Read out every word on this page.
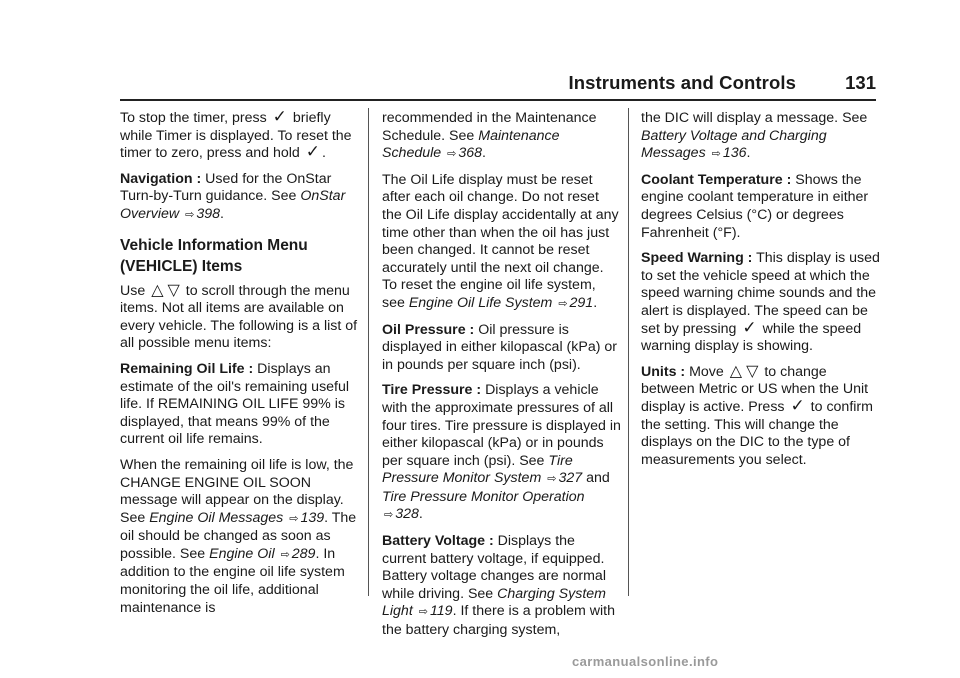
Instruments and Controls	131

To stop the timer, press ✓ briefly while Timer is displayed. To reset the timer to zero, press and hold ✓ .

Navigation : Used for the OnStar Turn-by-Turn guidance. See OnStar Overview ⇨ 398.

Vehicle Information Menu (VEHICLE) Items

Use △ ▽ to scroll through the menu items. Not all items are available on every vehicle. The following is a list of all possible menu items:

Remaining Oil Life : Displays an estimate of the oil's remaining useful life. If REMAINING OIL LIFE 99% is displayed, that means 99% of the current oil life remains.

When the remaining oil life is low, the CHANGE ENGINE OIL SOON message will appear on the display. See Engine Oil Messages ⇨ 139. The oil should be changed as soon as possible. See Engine Oil ⇨ 289. In addition to the engine oil life system monitoring the oil life, additional maintenance is

recommended in the Maintenance Schedule. See Maintenance Schedule ⇨ 368.

The Oil Life display must be reset after each oil change. Do not reset the Oil Life display accidentally at any time other than when the oil has just been changed. It cannot be reset accurately until the next oil change. To reset the engine oil life system, see Engine Oil Life System ⇨ 291.

Oil Pressure : Oil pressure is displayed in either kilopascal (kPa) or in pounds per square inch (psi).

Tire Pressure : Displays a vehicle with the approximate pressures of all four tires. Tire pressure is displayed in either kilopascal (kPa) or in pounds per square inch (psi). See Tire Pressure Monitor System ⇨ 327 and Tire Pressure Monitor Operation ⇨ 328.

Battery Voltage : Displays the current battery voltage, if equipped. Battery voltage changes are normal while driving. See Charging System Light ⇨ 119. If there is a problem with the battery charging system,

the DIC will display a message. See Battery Voltage and Charging Messages ⇨ 136.

Coolant Temperature : Shows the engine coolant temperature in either degrees Celsius (°C) or degrees Fahrenheit (°F).

Speed Warning : This display is used to set the vehicle speed at which the speed warning chime sounds and the alert is displayed. The speed can be set by pressing ✓ while the speed warning display is showing.

Units : Move △ ▽ to change between Metric or US when the Unit display is active. Press ✓ to confirm the setting. This will change the displays on the DIC to the type of measurements you select.

carmanualsonline.info
